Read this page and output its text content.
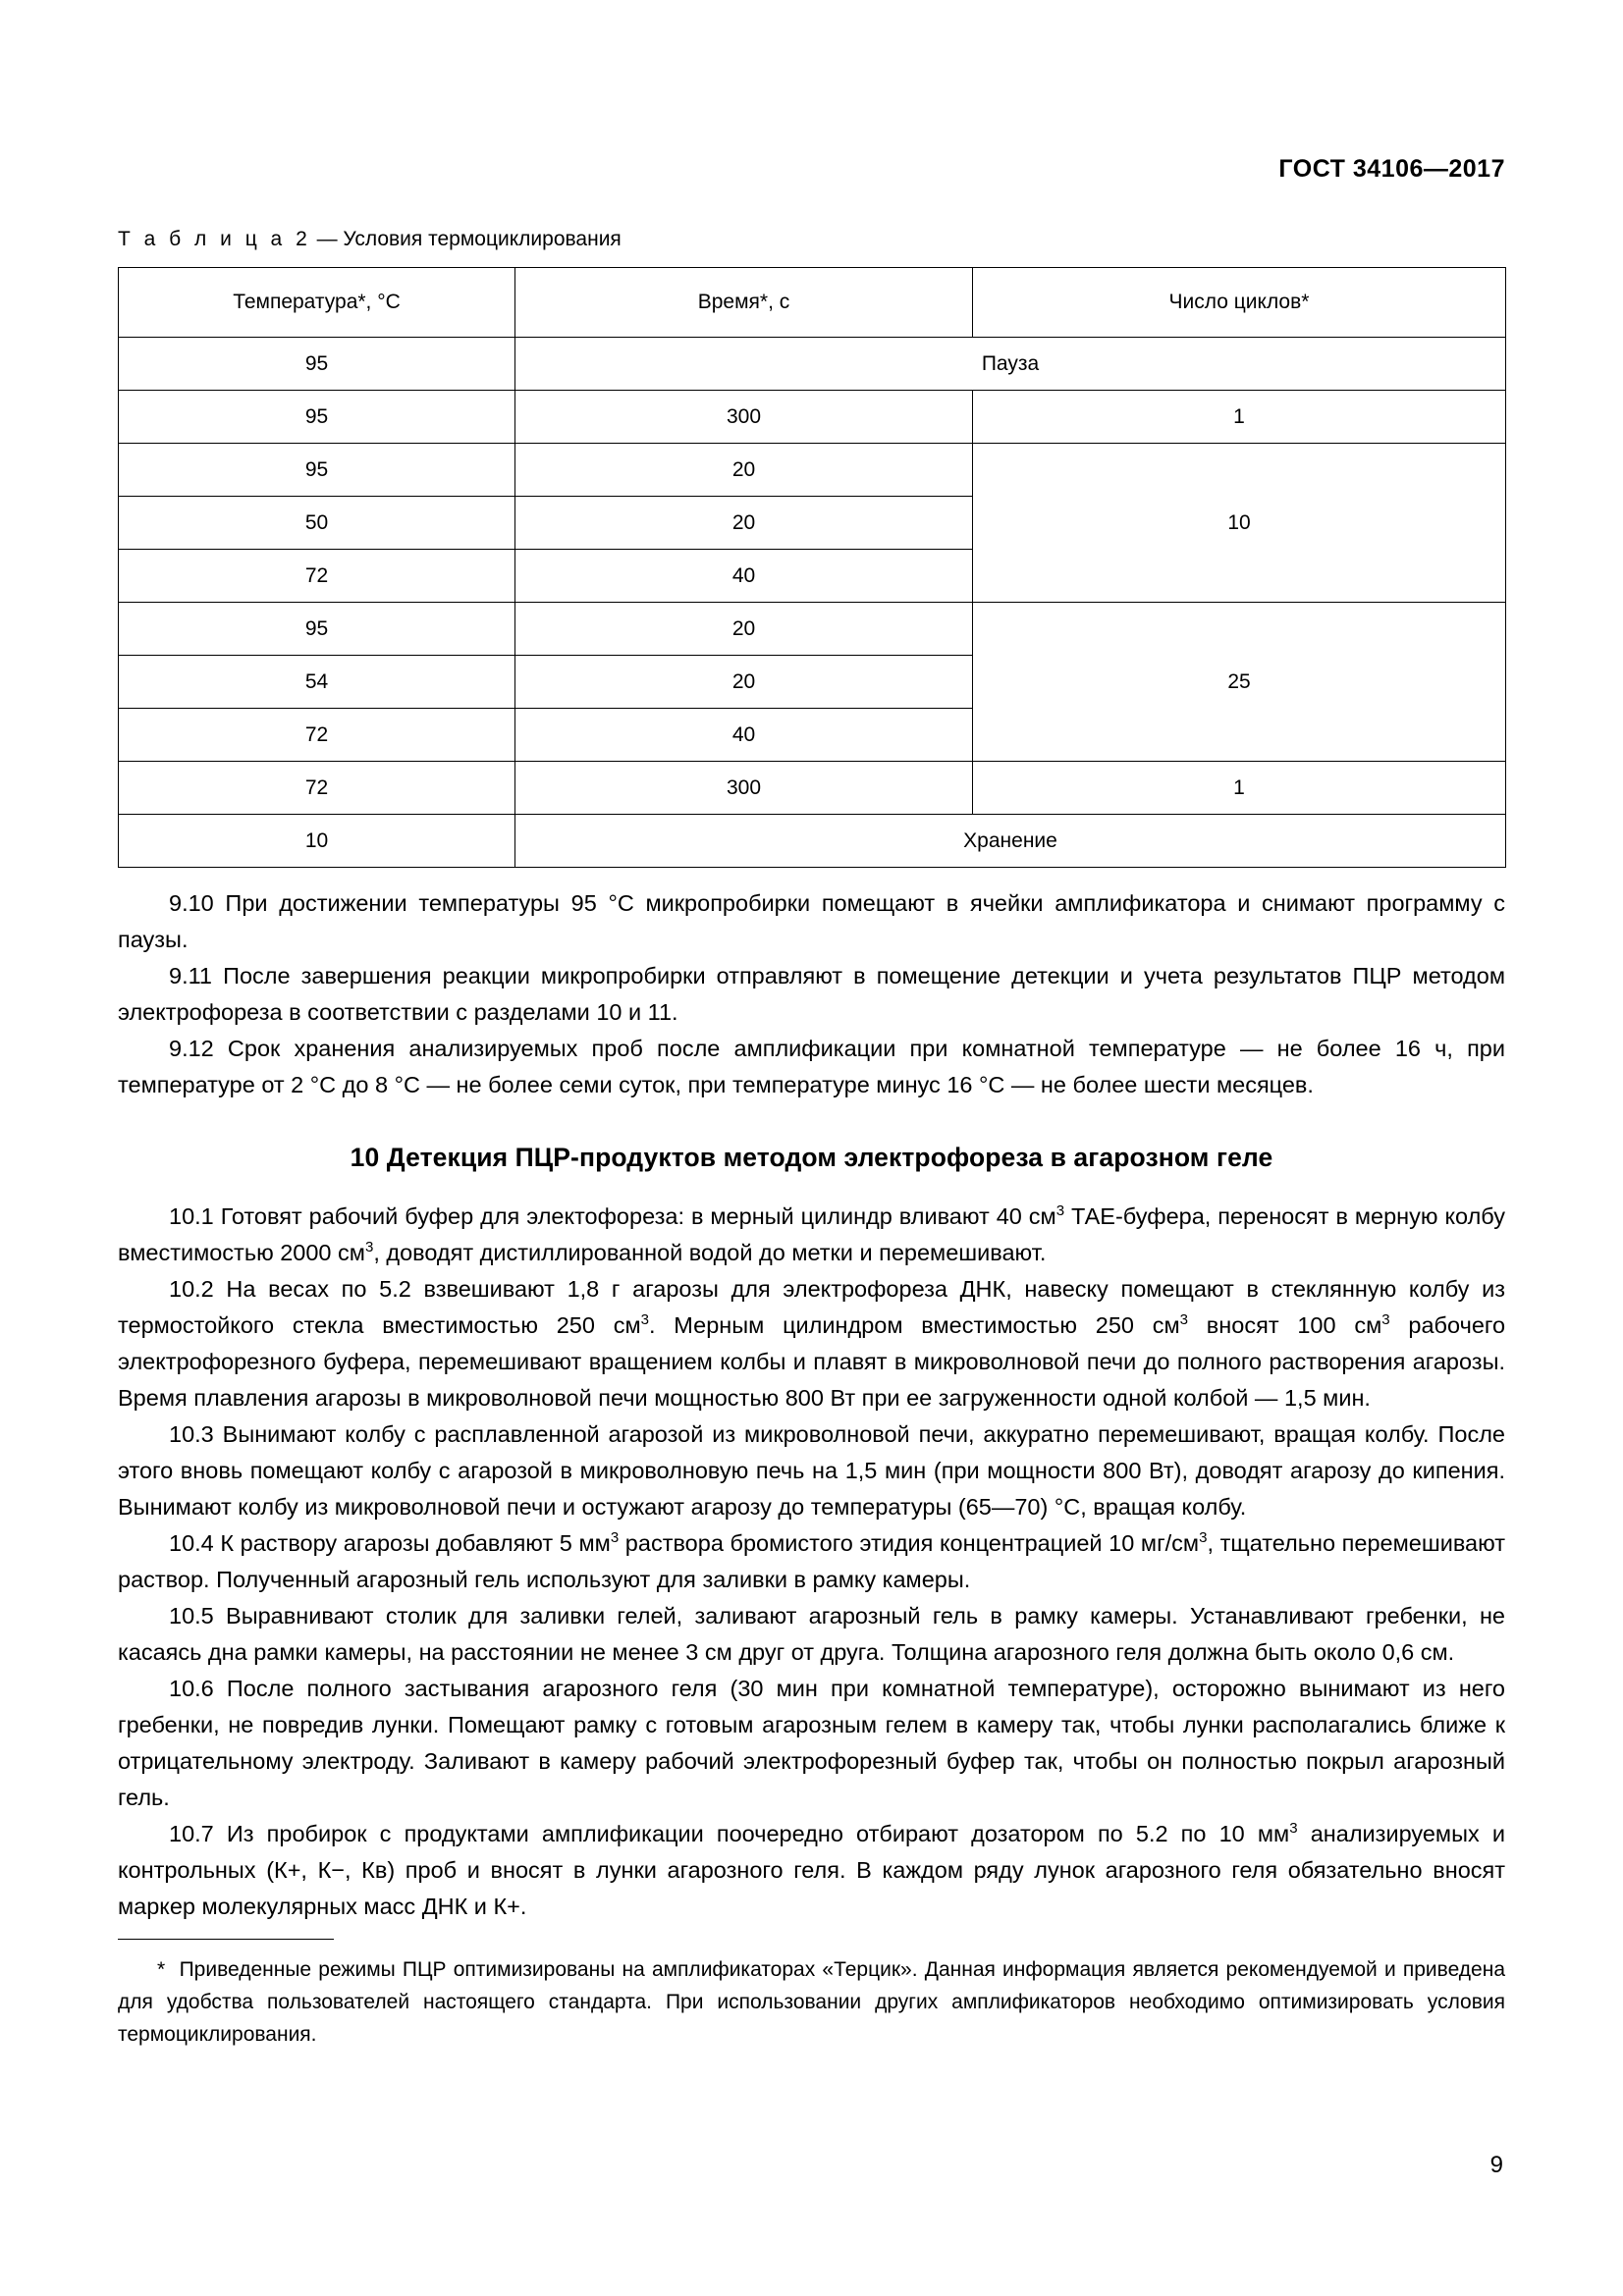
ГОСТ 34106—2017
Т а б л и ц а 2 — Условия термоциклирования
Температура*, °С	Время*, с	Число циклов*
95	Пауза	
95	300	1
95	20	10
50	20	
72	40	
95	20	25
54	20	
72	40	
72	300	1
10	Хранение	

9.10 При достижении температуры 95 °С микропробирки помещают в ячейки амплификатора и снимают программу с паузы.

9.11 После завершения реакции микропробирки отправляют в помещение детекции и учета результатов ПЦР методом электрофореза в соответствии с разделами 10 и 11.

9.12 Срок хранения анализируемых проб после амплификации при комнатной температуре — не более 16 ч, при температуре от 2 °С до 8 °С — не более семи суток, при температуре минус 16 °С — не более шести месяцев.

10 Детекция ПЦР-продуктов методом электрофореза в агарозном геле

10.1 Готовят рабочий буфер для электофореза: в мерный цилиндр вливают 40 $см^3$ ТАЕ-буфера, переносят в мерную колбу вместимостью 2000 $см^3$, доводят дистиллированной водой до метки и перемешивают.

10.2 На весах по 5.2 взвешивают 1,8 г агарозы для электрофореза ДНК, навеску помещают в стеклянную колбу из термостойкого стекла вместимостью 250 $см^3$. Мерным цилиндром вместимостью 250 $см^3$ вносят 100 $см^3$ рабочего электрофорезного буфера, перемешивают вращением колбы и плавят в микроволновой печи до полного растворения агарозы. Время плавления агарозы в микроволновой печи мощностью 800 Вт при ее загруженности одной колбой — 1,5 мин.

10.3 Вынимают колбу с расплавленной агарозой из микроволновой печи, аккуратно перемешивают, вращая колбу. После этого вновь помещают колбу с агарозой в микроволновую печь на 1,5 мин (при мощности 800 Вт), доводят агарозу до кипения. Вынимают колбу из микроволновой печи и остужают агарозу до температуры (65—70) °С, вращая колбу.

10.4 К раствору агарозы добавляют 5 $мм^3$ раствора бромистого этидия концентрацией 10 $мг/см^3$, тщательно перемешивают раствор. Полученный агарозный гель используют для заливки в рамку камеры.

10.5 Выравнивают столик для заливки гелей, заливают агарозный гель в рамку камеры. Устанавливают гребенки, не касаясь дна рамки камеры, на расстоянии не менее 3 см друг от друга. Толщина агарозного геля должна быть около 0,6 см.

10.6 После полного застывания агарозного геля (30 мин при комнатной температуре), осторожно вынимают из него гребенки, не повредив лунки. Помещают рамку с готовым агарозным гелем в камеру так, чтобы лунки располагались ближе к отрицательному электроду. Заливают в камеру рабочий электрофорезный буфер так, чтобы он полностью покрыл агарозный гель.

10.7 Из пробирок с продуктами амплификации поочередно отбирают дозатором по 5.2 по 10 $мм^3$ анализируемых и контрольных (К+, К−, Кв) проб и вносят в лунки агарозного геля. В каждом ряду лунок агарозного геля обязательно вносят маркер молекулярных масс ДНК и К+.

* Приведенные режимы ПЦР оптимизированы на амплификаторах «Терцик». Данная информация является рекомендуемой и приведена для удобства пользователей настоящего стандарта. При использовании других амплификаторов необходимо оптимизировать условия термоциклирования.

9
